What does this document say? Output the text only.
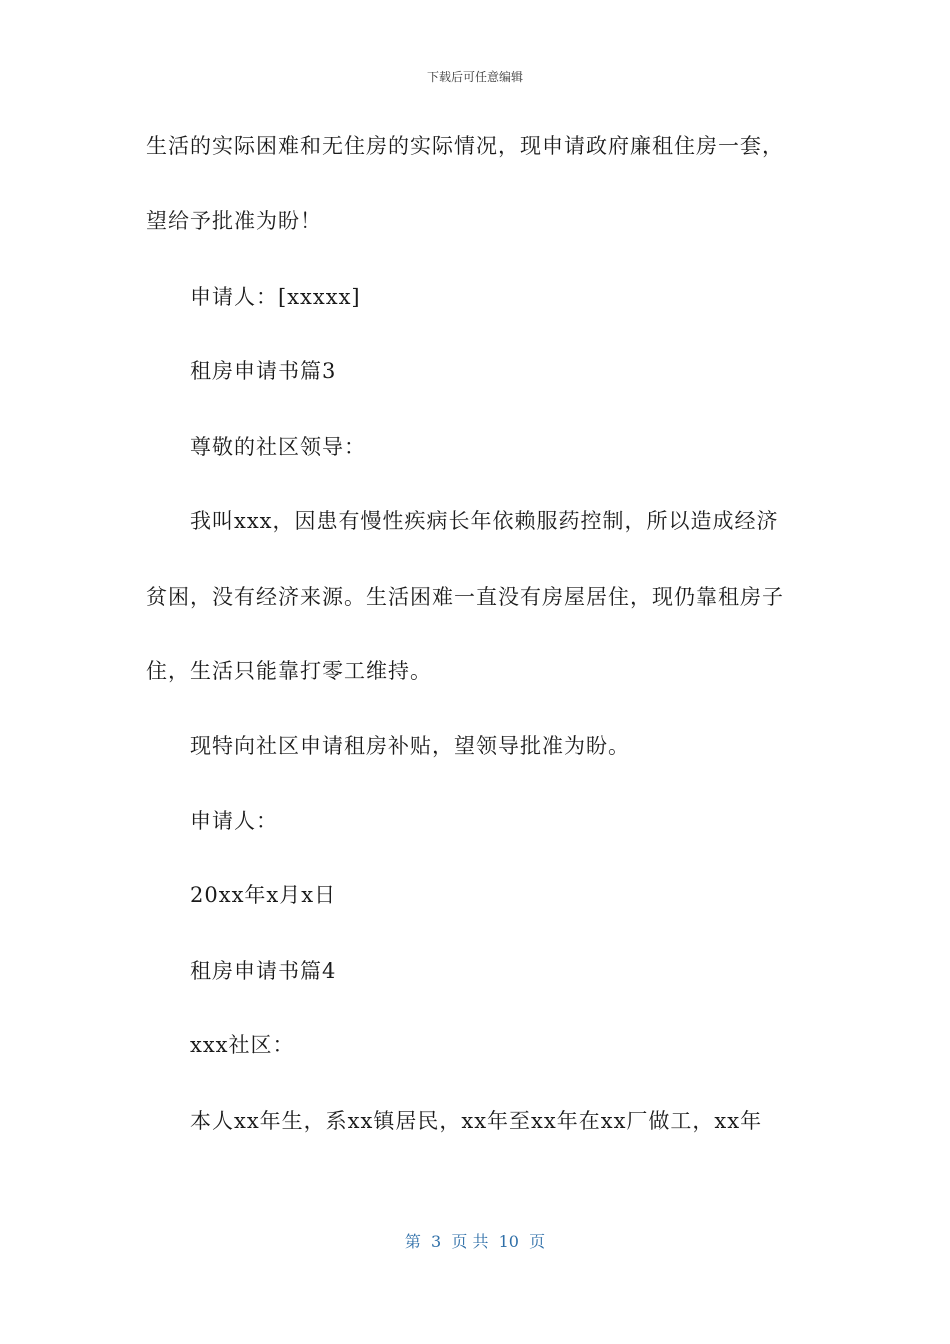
下载后可任意编辑
生活的实际困难和无住房的实际情况，现申请政府廉租住房一套，
望给予批准为盼！
申请人：[xxxxx]
租房申请书篇3
尊敬的社区领导：
我叫xxx，因患有慢性疾病长年依赖服药控制，所以造成经济
贫困，没有经济来源。生活困难一直没有房屋居住，现仍靠租房子
住，生活只能靠打零工维持。
现特向社区申请租房补贴，望领导批准为盼。
申请人：
20xx年x月x日
租房申请书篇4
xxx社区：
本人xx年生，系xx镇居民，xx年至xx年在xx厂做工，xx年
第  3  页 共  10  页
